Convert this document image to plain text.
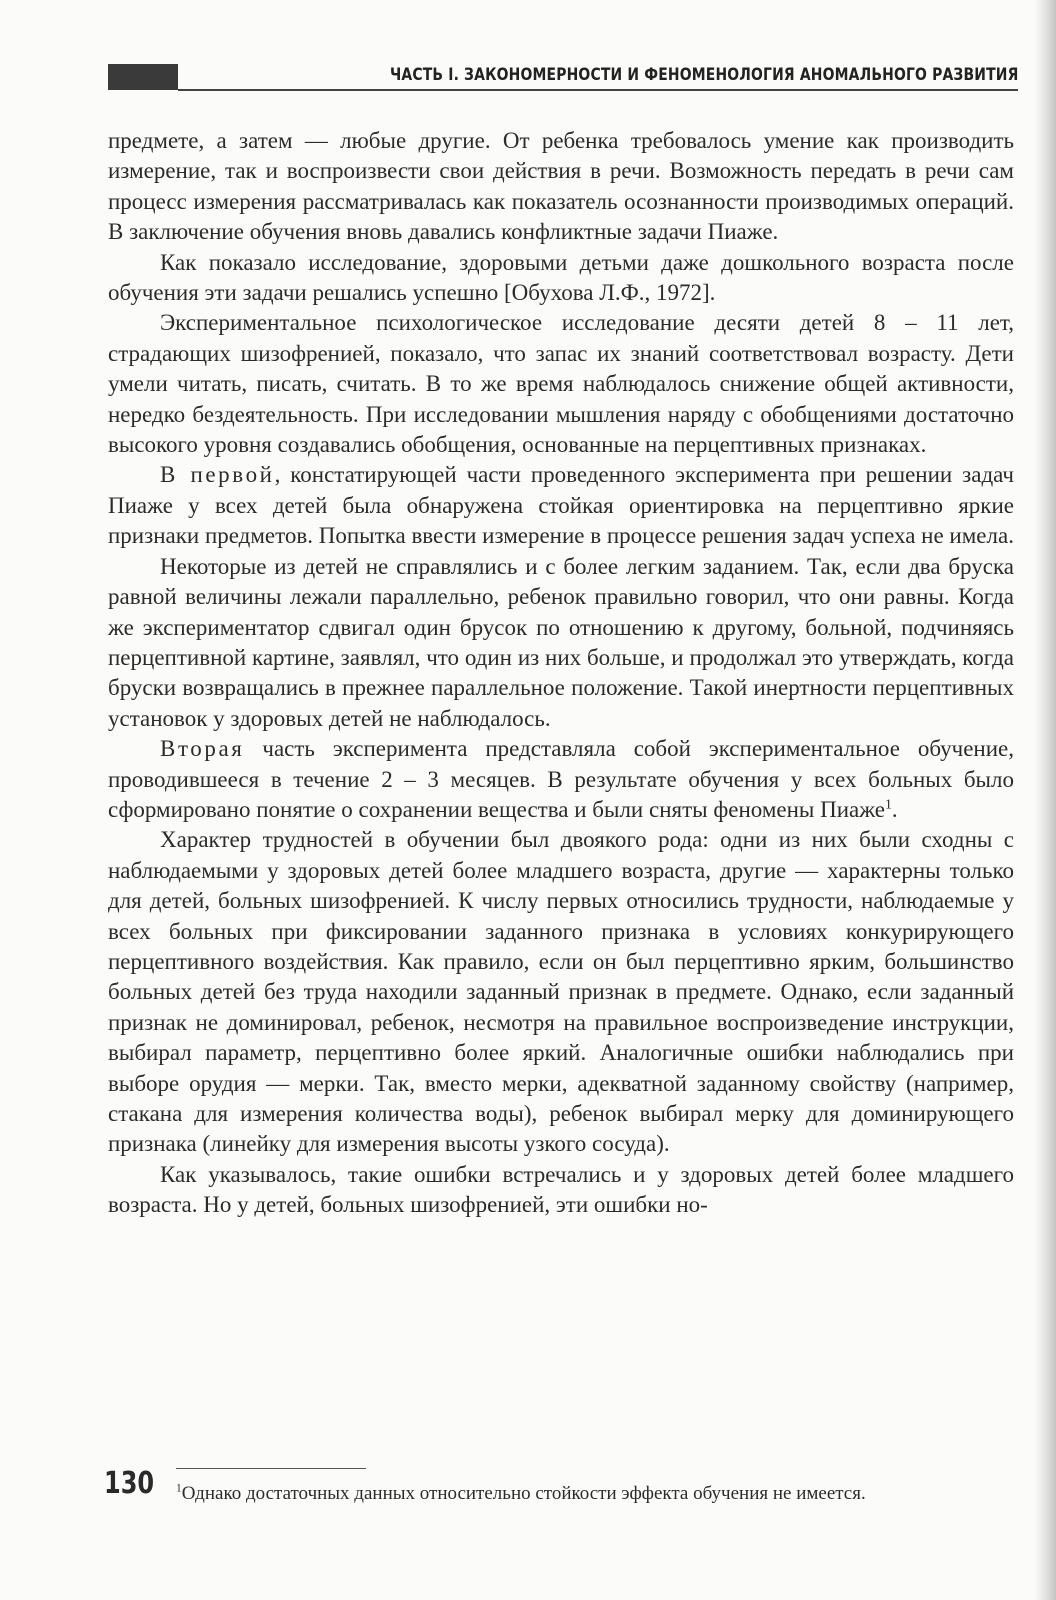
ЧАСТЬ I. ЗАКОНОМЕРНОСТИ И ФЕНОМЕНОЛОГИЯ АНОМАЛЬНОГО РАЗВИТИЯ

предмете, а затем — любые другие. От ребенка требовалось умение как производить измерение, так и воспроизвести свои действия в речи. Возможность передать в речи сам процесс измерения рассматривалась как показатель осознанности производимых операций. В заключение обучения вновь давались конфликтные задачи Пиаже.

Как показало исследование, здоровыми детьми даже дошкольного возраста после обучения эти задачи решались успешно [Обухова Л.Ф., 1972].

Экспериментальное психологическое исследование десяти детей 8 – 11 лет, страдающих шизофренией, показало, что запас их знаний соответствовал возрасту. Дети умели читать, писать, считать. В то же время наблюдалось снижение общей активности, нередко бездеятельность. При исследовании мышления наряду с обобщениями достаточно высокого уровня создавались обобщения, основанные на перцептивных признаках.

В первой, констатирующей части проведенного эксперимента при решении задач Пиаже у всех детей была обнаружена стойкая ориентировка на перцептивно яркие признаки предметов. Попытка ввести измерение в процессе решения задач успеха не имела.

Некоторые из детей не справлялись и с более легким заданием. Так, если два бруска равной величины лежали параллельно, ребенок правильно говорил, что они равны. Когда же экспериментатор сдвигал один брусок по отношению к другому, больной, подчиняясь перцептивной картине, заявлял, что один из них больше, и продолжал это утверждать, когда бруски возвращались в прежнее параллельное положение. Такой инертности перцептивных установок у здоровых детей не наблюдалось.

Вторая часть эксперимента представляла собой экспериментальное обучение, проводившееся в течение 2 – 3 месяцев. В результате обучения у всех больных было сформировано понятие о сохранении вещества и были сняты феномены Пиаже$^1$.

Характер трудностей в обучении был двоякого рода: одни из них были сходны с наблюдаемыми у здоровых детей более младшего возраста, другие — характерны только для детей, больных шизофренией. К числу первых относились трудности, наблюдаемые у всех больных при фиксировании заданного признака в условиях конкурирующего перцептивного воздействия. Как правило, если он был перцептивно ярким, большинство больных детей без труда находили заданный признак в предмете. Однако, если заданный признак не доминировал, ребенок, несмотря на правильное воспроизведение инструкции, выбирал параметр, перцептивно более яркий. Аналогичные ошибки наблюдались при выборе орудия — мерки. Так, вместо мерки, адекватной заданному свойству (например, стакана для измерения количества воды), ребенок выбирал мерку для доминирующего признака (линейку для измерения высоты узкого сосуда).

Как указывалось, такие ошибки встречались и у здоровых детей более младшего возраста. Но у детей, больных шизофренией, эти ошибки но-

130 $^1$Однако достаточных данных относительно стойкости эффекта обучения не имеется.
